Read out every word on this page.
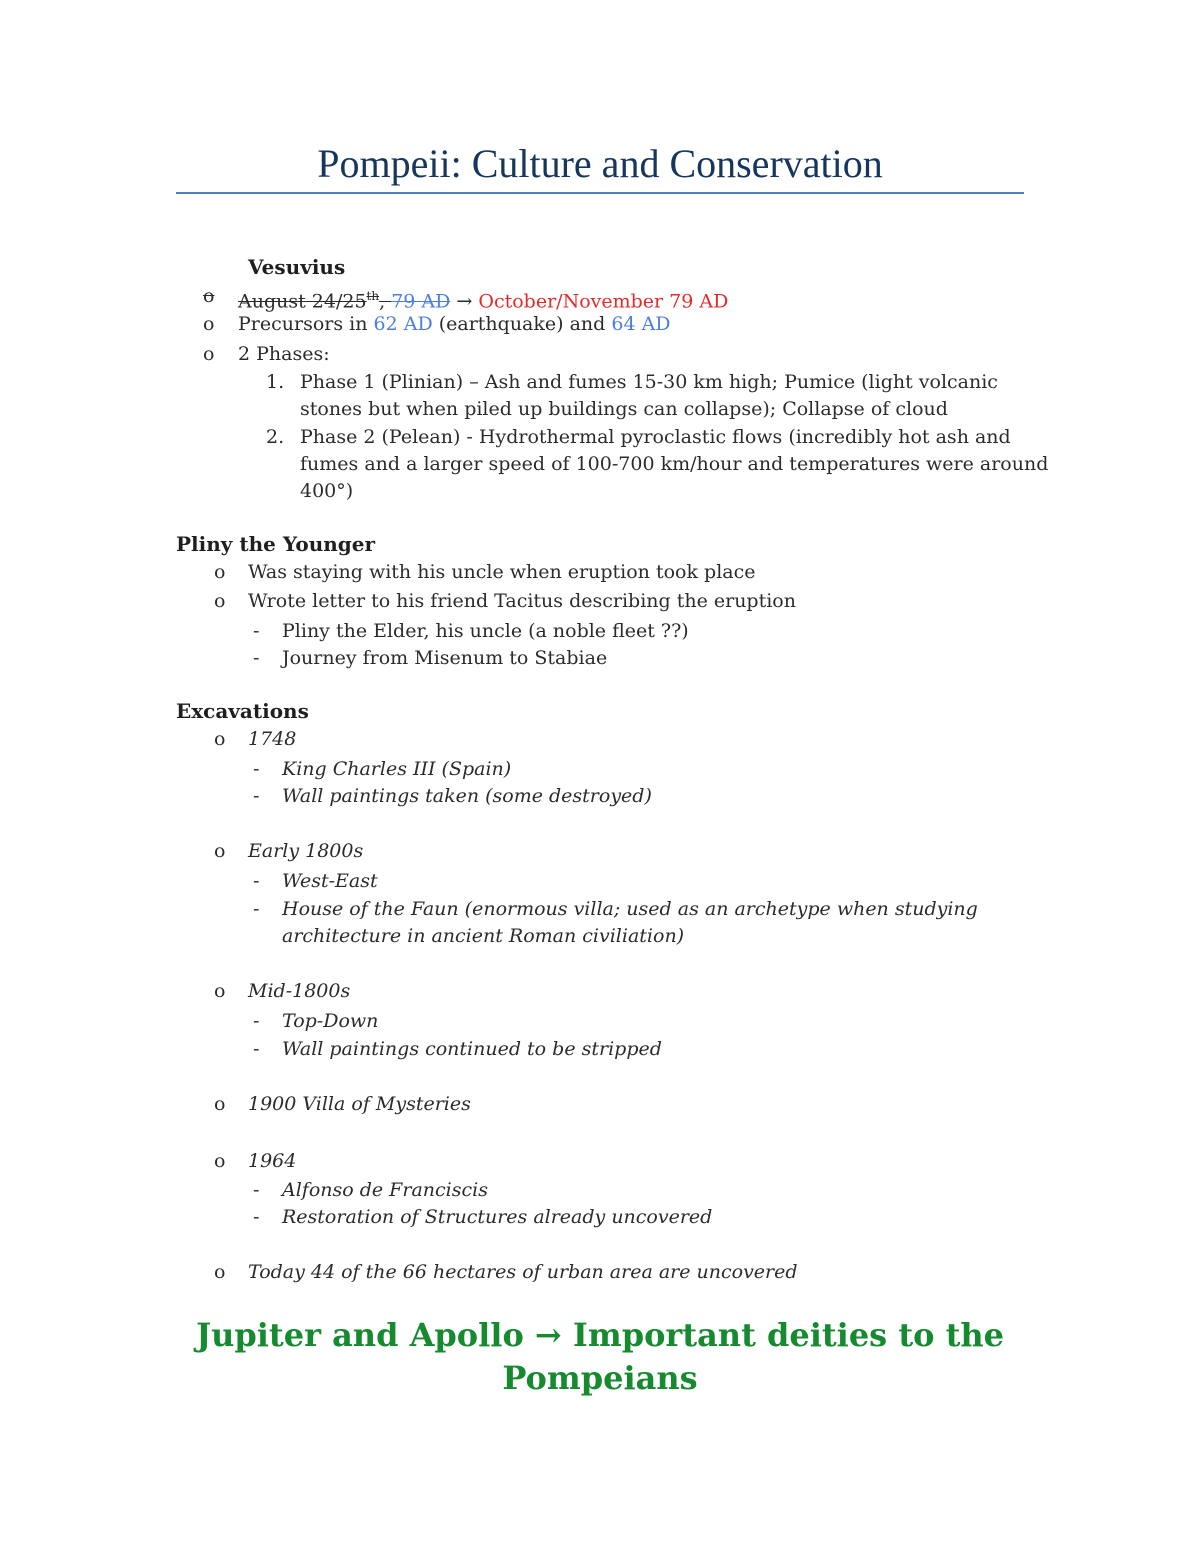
Pompeii: Culture and Conservation
Vesuvius
o August 24/25th, 79 AD → October/November 79 AD
o Precursors in 62 AD (earthquake) and 64 AD
o 2 Phases:
1. Phase 1 (Plinian) – Ash and fumes 15-30 km high; Pumice (light volcanic
stones but when piled up buildings can collapse); Collapse of cloud
2. Phase 2 (Pelean) - Hydrothermal pyroclastic flows (incredibly hot ash and
fumes and a larger speed of 100-700 km/hour and temperatures were around
400°)
Pliny the Younger
o Was staying with his uncle when eruption took place
o Wrote letter to his friend Tacitus describing the eruption
- Pliny the Elder, his uncle (a noble fleet ??)
- Journey from Misenum to Stabiae
Excavations
o 1748
- King Charles III (Spain)
- Wall paintings taken (some destroyed)
o Early 1800s
- West-East
- House of the Faun (enormous villa; used as an archetype when studying
architecture in ancient Roman civiliation)
o Mid-1800s
- Top-Down
- Wall paintings continued to be stripped
o 1900 Villa of Mysteries
o 1964
- Alfonso de Franciscis
- Restoration of Structures already uncovered
o Today 44 of the 66 hectares of urban area are uncovered
Jupiter and Apollo → Important deities to the
Pompeians
